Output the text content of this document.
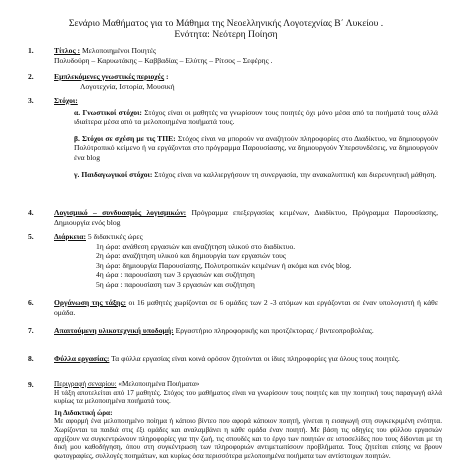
Σενάριο Μαθήματος για το Μάθημα της Νεοελληνικής Λογοτεχνίας Β΄ Λυκείου .
Ενότητα: Νεότερη Ποίηση
1.	Τίτλος : Μελοποιημένοι Ποιητές
Πολυδούρη – Καρυωτάκης – Καββαδίας – Ελύτης – Ρίτσος – Σεφέρης .
2.	Εμπλεκόμενες γνωστικές περιοχές :
Λογοτεχνία, Ιστορία, Μουσική
3.	Στόχοι:
α. Γνωστικοί στόχοι: Στόχος είναι οι μαθητές να γνωρίσουν τους ποιητές όχι μόνο μέσα από τα ποιήματά τους αλλά ιδιαίτερα μέσα από τα μελοποιημένα ποιήματά τους.
β. Στόχοι σε σχέση με τις ΤΠΕ: Στόχος είναι να μπορούν να αναζητούν πληροφορίες στο Διαδίκτυο, να δημιουργούν Πολύτροπικό κείμενο ή να εργάζονται στο πρόγραμμα Παρουσίασης, να δημιουργούν Υπερσυνδέσεις, να δημιουργούν ένα blog
γ. Παιδαγωγικοί στόχοι: Στόχος είναι να καλλιεργήσουν τη συνεργασία, την ανακαλυπτική και διερευνητική μάθηση.
4.	Λογισμικό – συνδυασμός λογισμικών: Πρόγραμμα επεξεργασίας κειμένων, Διαδίκτυο, Πρόγραμμα Παρουσίασης, Δημιουργία ενός blog
5.	Διάρκεια: 5 διδακτικές ώρες
1η ώρα: ανάθεση εργασιών και αναζήτηση υλικού στο διαδίκτυο.
2η ώρα: αναζήτηση υλικού και δημιουργία των εργασιών τους
3η ώρα: δημιουργία Παρουσίασης, Πολυτροπικών κειμένων ή ακόμα και ενός blog.
4η ώρα : παρουσίαση των 3 εργασιών και συζήτηση
5η ώρα : παρουσίαση των 3 εργασιών και συζήτηση
6.	Οργάνωση της τάξης: οι 16 μαθητές χωρίζονται σε 6 ομάδες των 2 -3 ατόμων και εργάζονται σε έναν υπολογιστή ή κάθε ομάδα.
7.	Απαιτούμενη υλικοτεχνική υποδομή: Εργαστήριο πληροφορικής και προτζέκτορας / βιντεοπροβολέας.
8.	Φύλλα εργασίας: Τα φύλλα εργασίας είναι κοινά ορόσον ζητούνται οι ίδιες πληροφορίες για όλους τους ποιητές.
9.	Περιγραφή σεναρίου: «Μελοποιημένα Ποιήματα»
Η τάξη αποτελείται από 17 μαθητές. Στόχος του μαθήματος είναι να γνωρίσουν τους ποιητές και την ποιητική τους παραγωγή αλλά κυρίως τα μελοποιημένα ποιήματά τους.
1η Διδακτική ώρα:
Με αφορμή ένα μελοποιημένο ποίημα ή κάποιο βίντεο που αφορά κάποιον ποιητή, γίνεται η εισαγωγή στη συγκεκριμένη ενότητα. Χωρίζονται τα παιδιά στις έξι ομάδες και αναλαμβάνει η κάθε ομάδα έναν ποιητή. Με βάση τις οδηγίες του φύλλου εργασιών αρχίζουν να συγκεντρώνουν πληροφορίες για την ζωή, τις σπουδές και το έργο των ποιητών σε ιστοσελίδες που τους δίδονται με τη δική μου καθοδήγηση, όπου στη συγκέντρωση των πληροφοριών αντιμετωπίσουν προβλήματα. Τους ζητείται επίσης να βρουν φωτογραφίες, συλλογές ποιημάτων, και κυρίως όσα περισσότερα μελοποιημένα ποιήματα των αντίστοιχων ποιητών.
